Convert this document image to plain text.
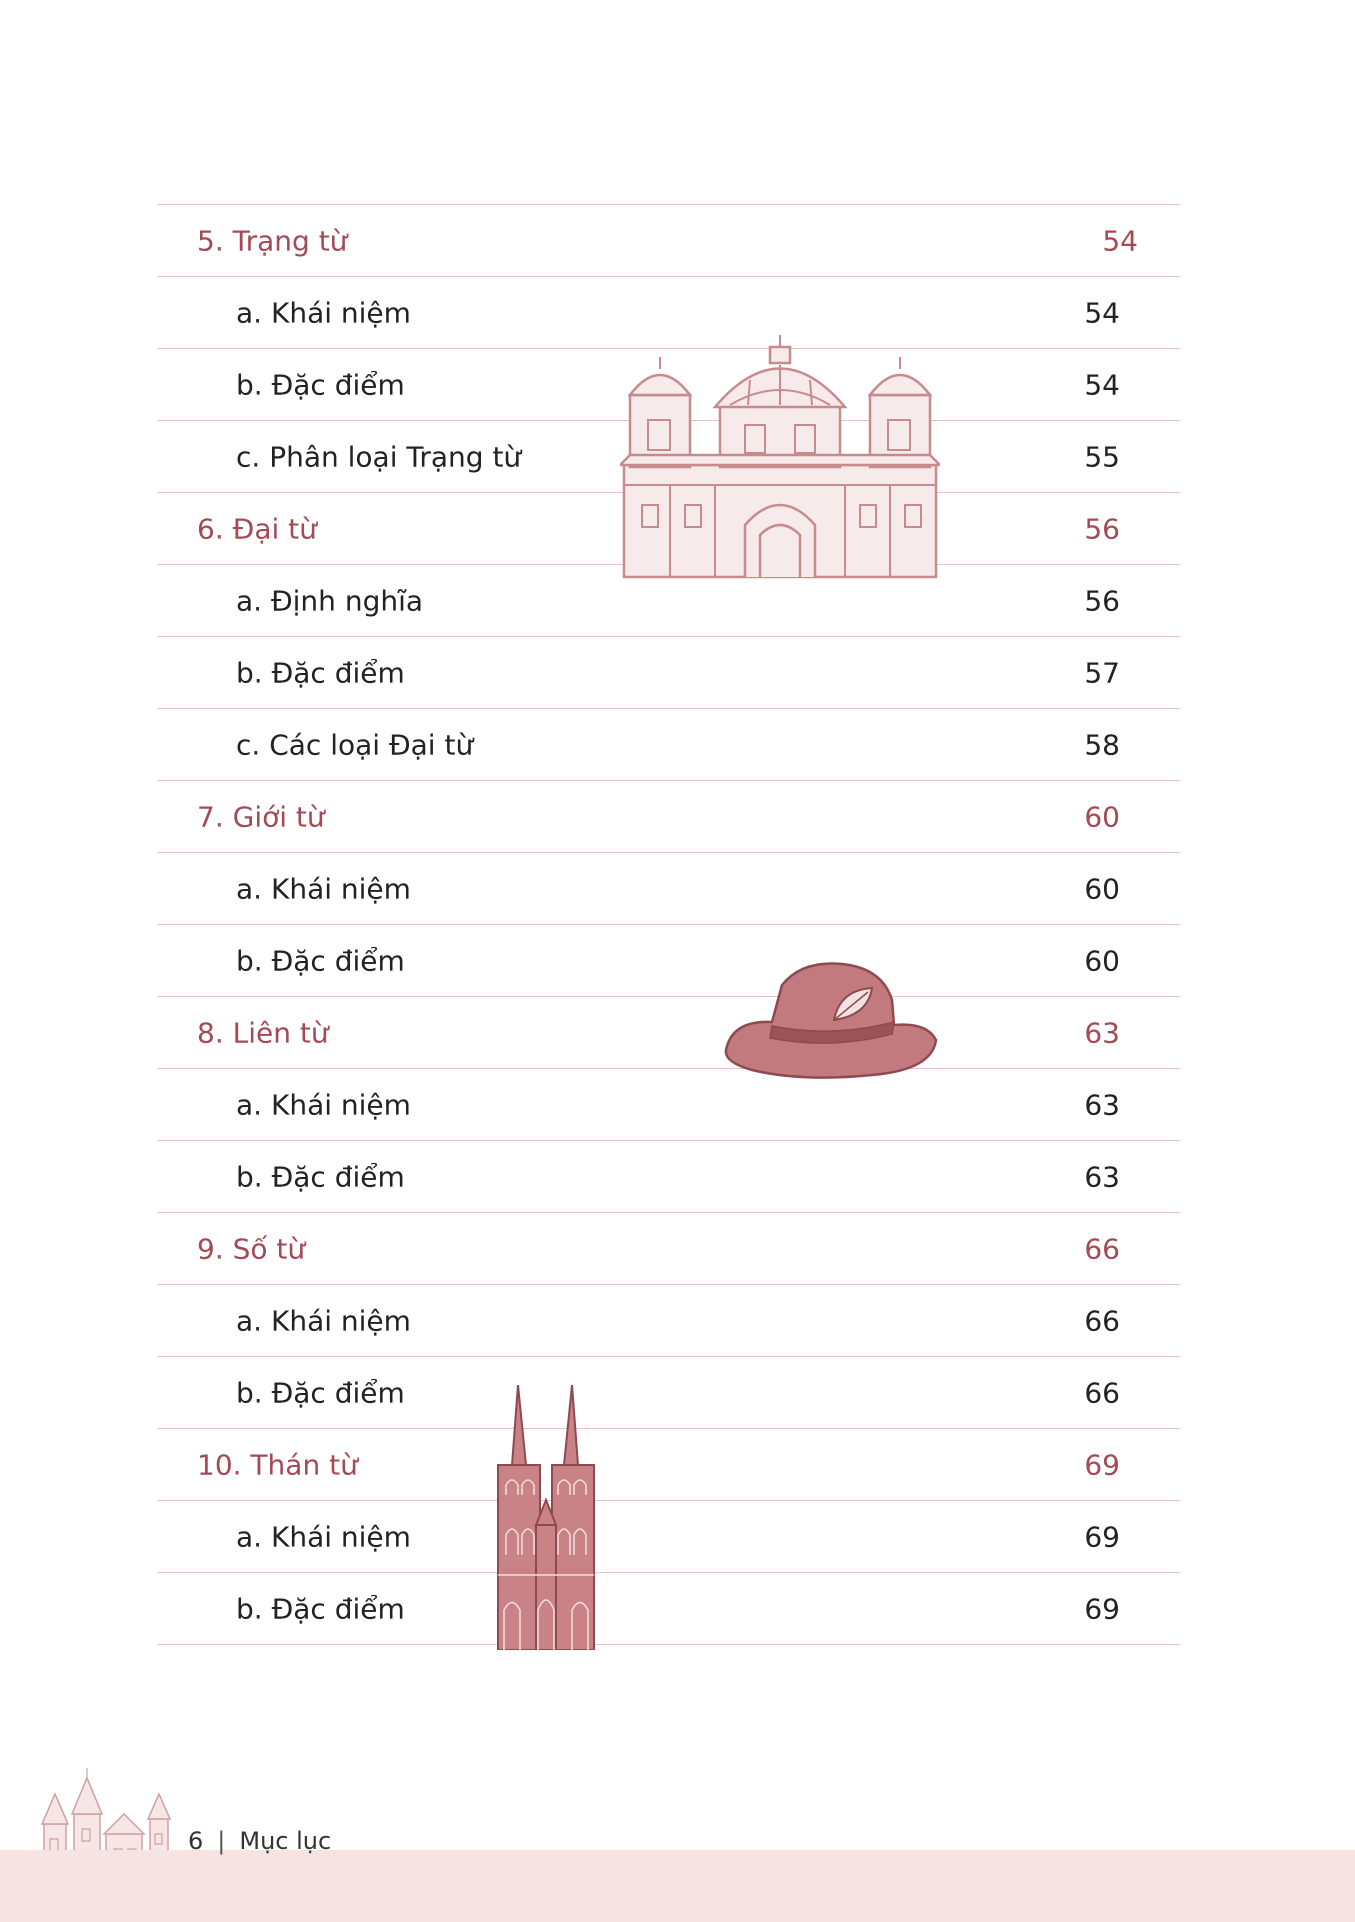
5. Trạng từ	54
a. Khái niệm	54
b. Đặc điểm	54
c. Phân loại Trạng từ	55
6. Đại từ	56
a. Định nghĩa	56
b. Đặc điểm	57
c. Các loại Đại từ	58
7. Giới từ	60
a. Khái niệm	60
b. Đặc điểm	60
8. Liên từ	63
a. Khái niệm	63
b. Đặc điểm	63
9. Số từ	66
a. Khái niệm	66
b. Đặc điểm	66
10. Thán từ	69
a. Khái niệm	69
b. Đặc điểm	69
6 | Mục lục
